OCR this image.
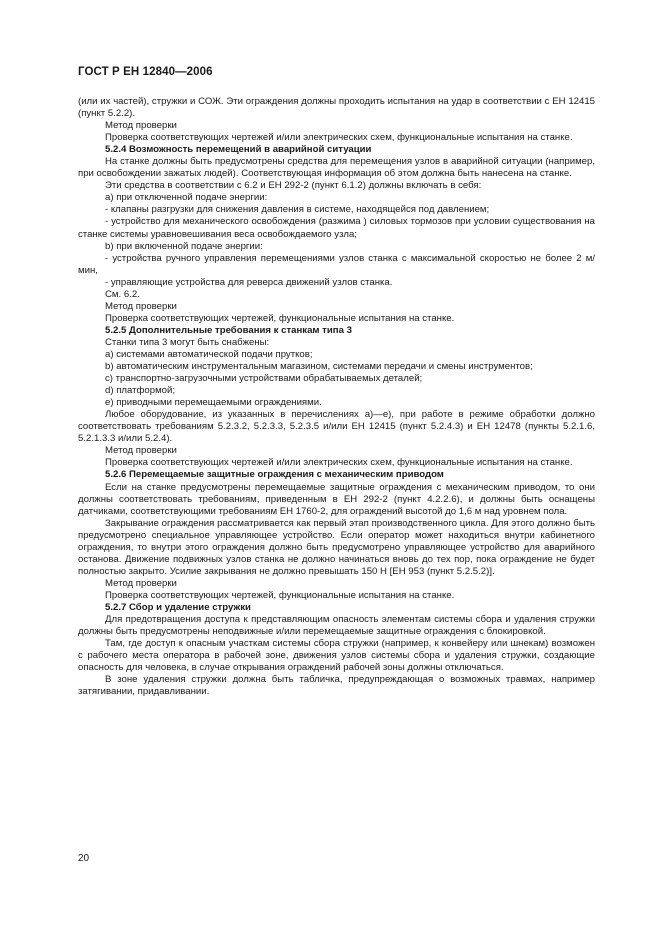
ГОСТ Р ЕН 12840—2006

(или их частей), стружки и СОЖ. Эти ограждения должны проходить испытания на удар в соответствии с ЕН 12415 (пункт 5.2.2).

Метод проверки

Проверка соответствующих чертежей и/или электрических схем, функциональные испытания на станке.

5.2.4 Возможность перемещений в аварийной ситуации

На станке должны быть предусмотрены средства для перемещения узлов в аварийной ситуации (например, при освобождении зажатых людей). Соответствующая информация об этом должна быть нанесена на станке.

Эти средства в соответствии с 6.2 и ЕН 292-2 (пункт 6.1.2) должны включать в себя:

a) при отключенной подаче энергии:

- клапаны разгрузки для снижения давления в системе, находящейся под давлением;

- устройство для механического освобождения (разжима ) силовых тормозов при условии существования на станке системы уравновешивания веса освобождаемого узла;

b) при включенной подаче энергии:

- устройства ручного управления перемещениями узлов станка с максимальной скоростью не более 2 м/мин,

- управляющие устройства для реверса движений узлов станка.

См. 6.2.

Метод проверки

Проверка соответствующих чертежей, функциональные испытания на станке.

5.2.5 Дополнительные требования к станкам типа 3

Станки типа 3 могут быть снабжены:

a) системами автоматической подачи прутков;

b) автоматическим инструментальным магазином, системами передачи и смены инструментов;

c) транспортно-загрузочными устройствами обрабатываемых деталей;

d) платформой;

e) приводными перемещаемыми ограждениями.

Любое оборудование, из указанных в перечислениях а)—е), при работе в режиме обработки должно соответствовать требованиям 5.2.3.2, 5.2.3.3, 5.2.3.5 и/или ЕН 12415 (пункт 5.2.4.3) и ЕН 12478 (пункты 5.2.1.6, 5.2.1.3.3 и/или 5.2.4).

Метод проверки

Проверка соответствующих чертежей и/или электрических схем, функциональные испытания на станке.

5.2.6 Перемещаемые защитные ограждения с механическим приводом

Если на станке предусмотрены перемещаемые защитные ограждения с механическим приводом, то они должны соответствовать требованиям, приведенным в ЕН 292-2 (пункт 4.2.2.6), и должны быть оснащены датчиками, соответствующими требованиям ЕН 1760-2, для ограждений высотой до 1,6 м над уровнем пола.

Закрывание ограждения рассматривается как первый этап производственного цикла. Для этого должно быть предусмотрено специальное управляющее устройство. Если оператор может находиться внутри кабинетного ограждения, то внутри этого ограждения должно быть предусмотрено управляющее устройство для аварийного останова. Движение подвижных узлов станка не должно начинаться вновь до тех пор, пока ограждение не будет полностью закрыто. Усилие закрывания не должно превышать 150 Н [ЕН 953 (пункт 5.2.5.2)].

Метод проверки

Проверка соответствующих чертежей, функциональные испытания на станке.

5.2.7 Сбор и удаление стружки

Для предотвращения доступа к представляющим опасность элементам системы сбора и удаления стружки должны быть предусмотрены неподвижные и/или перемещаемые защитные ограждения с блокировкой.

Там, где доступ к опасным участкам системы сбора стружки (например, к конвейеру или шнекам) возможен с рабочего места оператора в рабочей зоне, движения узлов системы сбора и удаления стружки, создающие опасность для человека, в случае открывания ограждений рабочей зоны должны отключаться.

В зоне удаления стружки должна быть табличка, предупреждающая о возможных травмах, например затягивании, придавливании.

20
